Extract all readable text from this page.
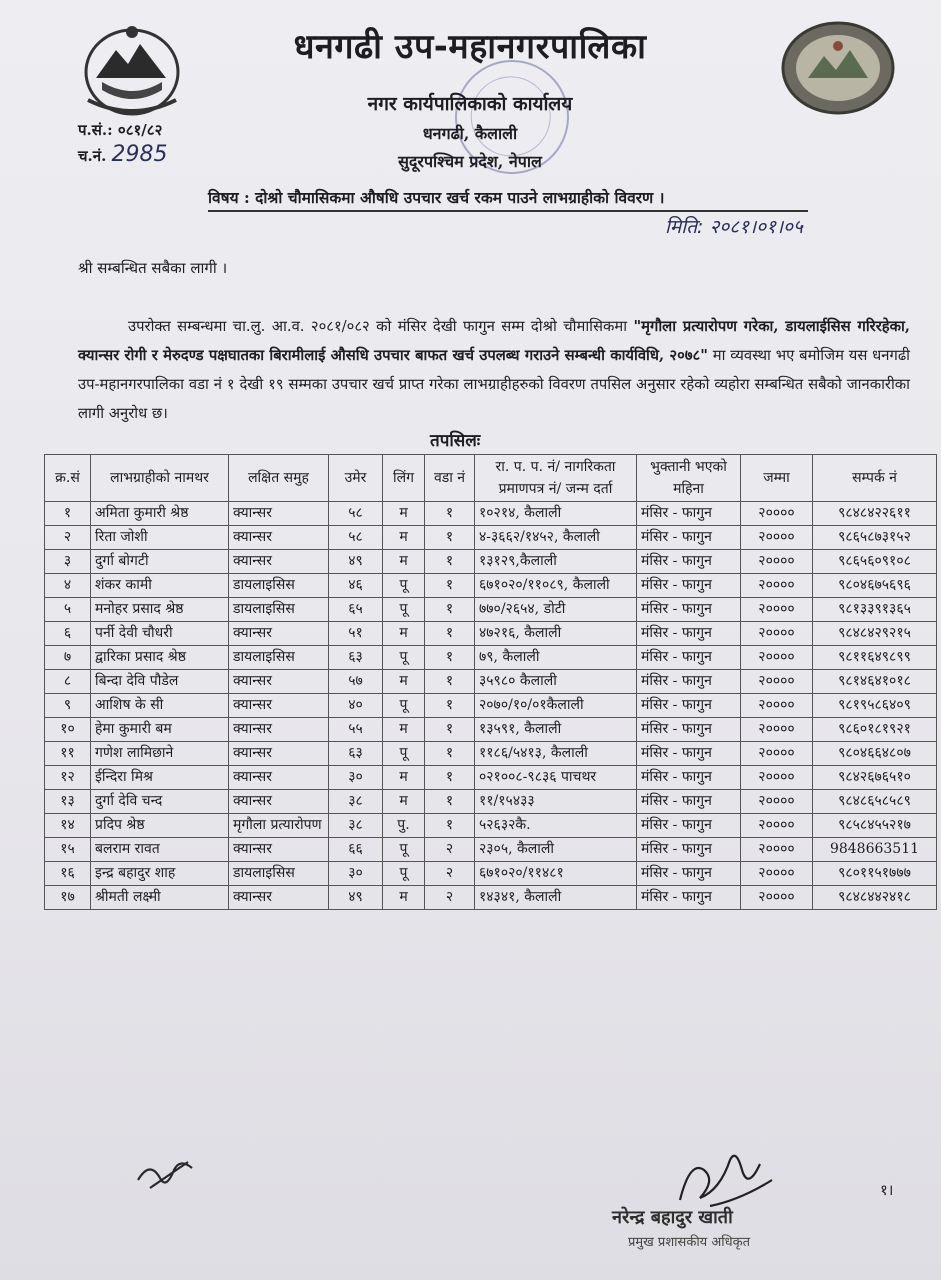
धनगढी उप-महानगरपालिका
नगर कार्यपालिकाको कार्यालय
धनगढी, कैलाली
सुदूरपश्चिम प्रदेश, नेपाल
प.सं.: ०८१/८२
च.नं. 2985
विषय : दोश्रो चौमासिकमा औषधि उपचार खर्च रकम पाउने लाभग्राहीको विवरण ।
मिति: २०८१।०१।०५
श्री सम्बन्धित सबैका लागी ।
उपरोक्त सम्बन्धमा चा.लु. आ.व. २०८१/०८२ को मंसिर देखी फागुन सम्म दोश्रो चौमासिकमा "मृगौला प्रत्यारोपण गरेका, डायलाईसिस गरिरहेका, क्यान्सर रोगी र मेरुदण्ड पक्षघातका बिरामीलाई औसधि उपचार बाफत खर्च उपलब्ध गराउने सम्बन्धी कार्यविधि, २०७८" मा व्यवस्था भए बमोजिम यस धनगढी उप-महानगरपालिका वडा नं १ देखी १९ सम्मका उपचार खर्च प्राप्त गरेका लाभग्राहीहरुको विवरण तपसिल अनुसार रहेको व्यहोरा सम्बन्धित सबैको जानकारीका लागी अनुरोध छ।
तपसिलः
क्र.सं	लाभग्राहीको नामथर	लक्षित समुह	उमेर	लिंग	वडा नं	रा. प. प. नं/ नागरिकता प्रमाणपत्र नं/ जन्म दर्ता	भुक्तानी भएको महिना	जम्मा	सम्पर्क नं
१	अमिता कुमारी श्रेष्ठ	क्यान्सर	५८	म	१	१०२१४, कैलाली	मंसिर - फागुन	२००००	९८४८४२२६११
२	रिता जोशी	क्यान्सर	५८	म	१	४-३६६२/१४५२, कैलाली	मंसिर - फागुन	२००००	९८६५८७३१५२
३	दुर्गा बोगटी	क्यान्सर	४९	म	१	१३१२९,कैलाली	मंसिर - फागुन	२००००	९८६५६०९१०८
४	शंकर कामी	डायलाइसिस	४६	पू	१	६७१०२०/११०८९, कैलाली	मंसिर - फागुन	२००००	९८०४६७५६९६
५	मनोहर प्रसाद श्रेष्ठ	डायलाइसिस	६५	पू	१	७७०/२६५४, डोटी	मंसिर - फागुन	२००००	९८१३३९१३६५
६	पर्नी देवी चौधरी	क्यान्सर	५१	म	१	४७२१६, कैलाली	मंसिर - फागुन	२००००	९८४८४२९२१५
७	द्वारिका प्रसाद श्रेष्ठ	डायलाइसिस	६३	पू	१	७९, कैलाली	मंसिर - फागुन	२००००	९८११६४९८९९
८	बिन्दा देवि पौडेल	क्यान्सर	५७	म	१	३५९८० कैलाली	मंसिर - फागुन	२००००	९८१४६४१०१८
९	आशिष के सी	क्यान्सर	४०	पू	१	२०७०/१०/०१कैलाली	मंसिर - फागुन	२००००	९८१९५८६४०९
१०	हेमा कुमारी बम	क्यान्सर	५५	म	१	१३५९१, कैलाली	मंसिर - फागुन	२००००	९८६०१८१९२१
११	गणेश लामिछाने	क्यान्सर	६३	पू	१	११८६/५४१३, कैलाली	मंसिर - फागुन	२००००	९८०४६६४८०७
१२	ईन्दिरा मिश्र	क्यान्सर	३०	म	१	०२१००८-९८३६ पाचथर	मंसिर - फागुन	२००००	९८४२६७६५१०
१३	दुर्गा देवि चन्द	क्यान्सर	३८	म	१	११/१५४३३	मंसिर - फागुन	२००००	९८४८६५८५८९
१४	प्रदिप श्रेष्ठ	मृगौला प्रत्यारोपण	३८	पु.	१	५२६३२कै.	मंसिर - फागुन	२००००	९८५८४५५२१७
१५	बलराम रावत	क्यान्सर	६६	पू	२	२३०५, कैलाली	मंसिर - फागुन	२००००	9848663511
१६	इन्द्र बहादुर शाह	डायलाइसिस	३०	पू	२	६७१०२०/११४८१	मंसिर - फागुन	२००००	९८०११५१७७७
१७	श्रीमती लक्ष्मी	क्यान्सर	४९	म	२	१४३४१, कैलाली	मंसिर - फागुन	२००००	९८४८४४२४१८
१।
नरेन्द्र बहादुर खाती
प्रमुख प्रशासकीय अधिकृत
